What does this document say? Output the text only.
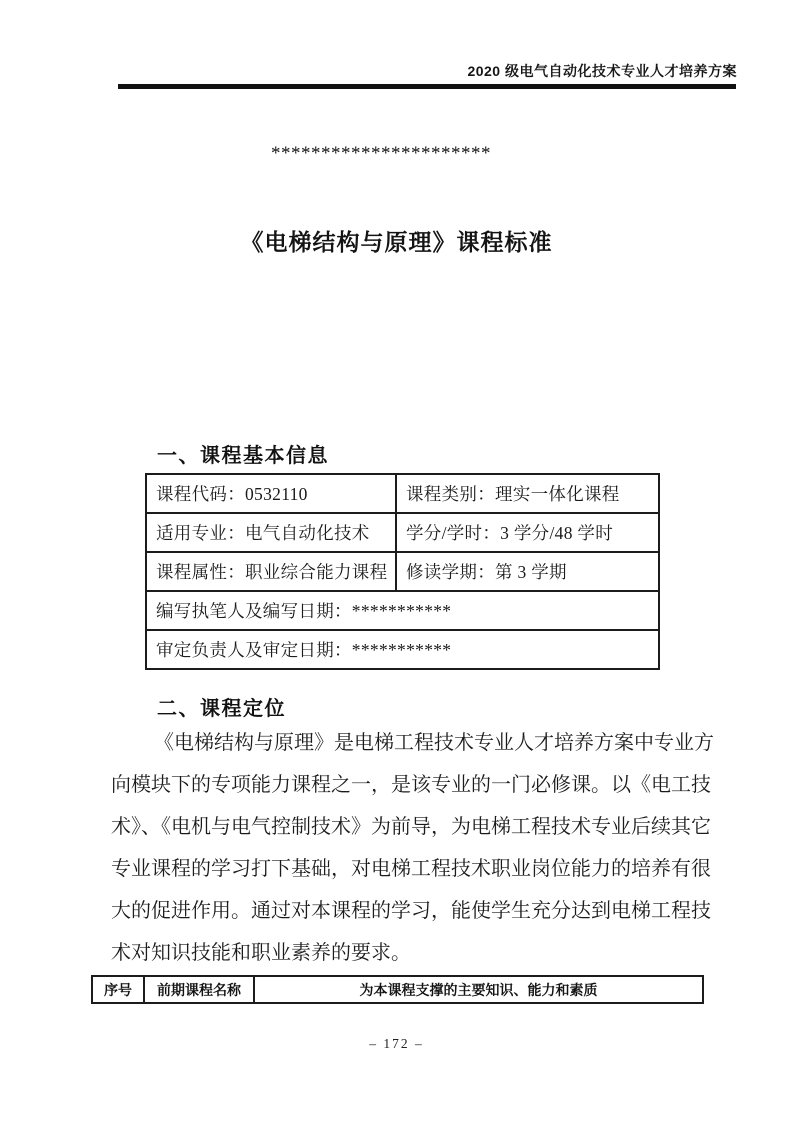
2020 级电气自动化技术专业人才培养方案
**********************
《电梯结构与原理》课程标准
一、课程基本信息
课程代码：0532110	课程类别：理实一体化课程
适用专业：电气自动化技术	学分/学时：3 学分/48 学时
课程属性：职业综合能力课程	修读学期：第 3 学期
编写执笔人及编写日期：***********	
审定负责人及审定日期：***********	
二、课程定位
《电梯结构与原理》是电梯工程技术专业人才培养方案中专业方
向模块下的专项能力课程之一，是该专业的一门必修课。以《电工技
术》、《电机与电气控制技术》为前导，为电梯工程技术专业后续其它
专业课程的学习打下基础，对电梯工程技术职业岗位能力的培养有很
大的促进作用。通过对本课程的学习，能使学生充分达到电梯工程技
术对知识技能和职业素养的要求。
序号	前期课程名称	为本课程支撑的主要知识、能力和素质
– 172 –
